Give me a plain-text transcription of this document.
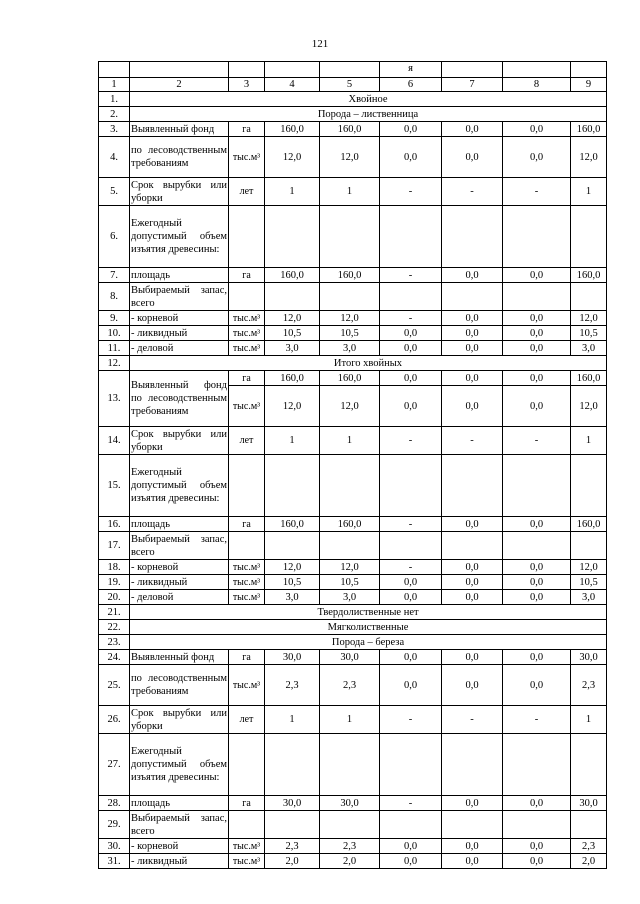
121
					я			
1	2	3	4	5	6	7	8	9
1.	Хвойное							
2.	Порода – лиственница							
3.	Выявленный фонд	га	160,0	160,0	0,0	0,0	0,0	160,0
4.	по лесоводственным требованиям	тыс.м³	12,0	12,0	0,0	0,0	0,0	12,0
5.	Срок вырубки или уборки	лет	1	1	-	-	-	1
6.	Ежегодный допустимый объем изъятия древесины:							
7.	площадь	га	160,0	160,0	-	0,0	0,0	160,0
8.	Выбираемый запас, всего							
9.	- корневой	тыс.м³	12,0	12,0	-	0,0	0,0	12,0
10.	- ликвидный	тыс.м³	10,5	10,5	0,0	0,0	0,0	10,5
11.	- деловой	тыс.м³	3,0	3,0	0,0	0,0	0,0	3,0
12.	Итого хвойных							
13.	Выявленный фонд по лесоводственным требованиям	га	160,0	160,0	0,0	0,0	0,0	160,0
		тыс.м³	12,0	12,0	0,0	0,0	0,0	12,0
14.	Срок вырубки или уборки	лет	1	1	-	-	-	1
15.	Ежегодный допустимый объем изъятия древесины:							
16.	площадь	га	160,0	160,0	-	0,0	0,0	160,0
17.	Выбираемый запас, всего							
18.	- корневой	тыс.м³	12,0	12,0	-	0,0	0,0	12,0
19.	- ликвидный	тыс.м³	10,5	10,5	0,0	0,0	0,0	10,5
20.	- деловой	тыс.м³	3,0	3,0	0,0	0,0	0,0	3,0
21.	Твердолиственные нет							
22.	Мягколиственные							
23.	Порода – береза							
24.	Выявленный фонд	га	30,0	30,0	0,0	0,0	0,0	30,0
25.	по лесоводственным требованиям	тыс.м³	2,3	2,3	0,0	0,0	0,0	2,3
26.	Срок вырубки или уборки	лет	1	1	-	-	-	1
27.	Ежегодный допустимый объем изъятия древесины:							
28.	площадь	га	30,0	30,0	-	0,0	0,0	30,0
29.	Выбираемый запас, всего							
30.	- корневой	тыс.м³	2,3	2,3	0,0	0,0	0,0	2,3
31.	- ликвидный	тыс.м³	2,0	2,0	0,0	0,0	0,0	2,0
